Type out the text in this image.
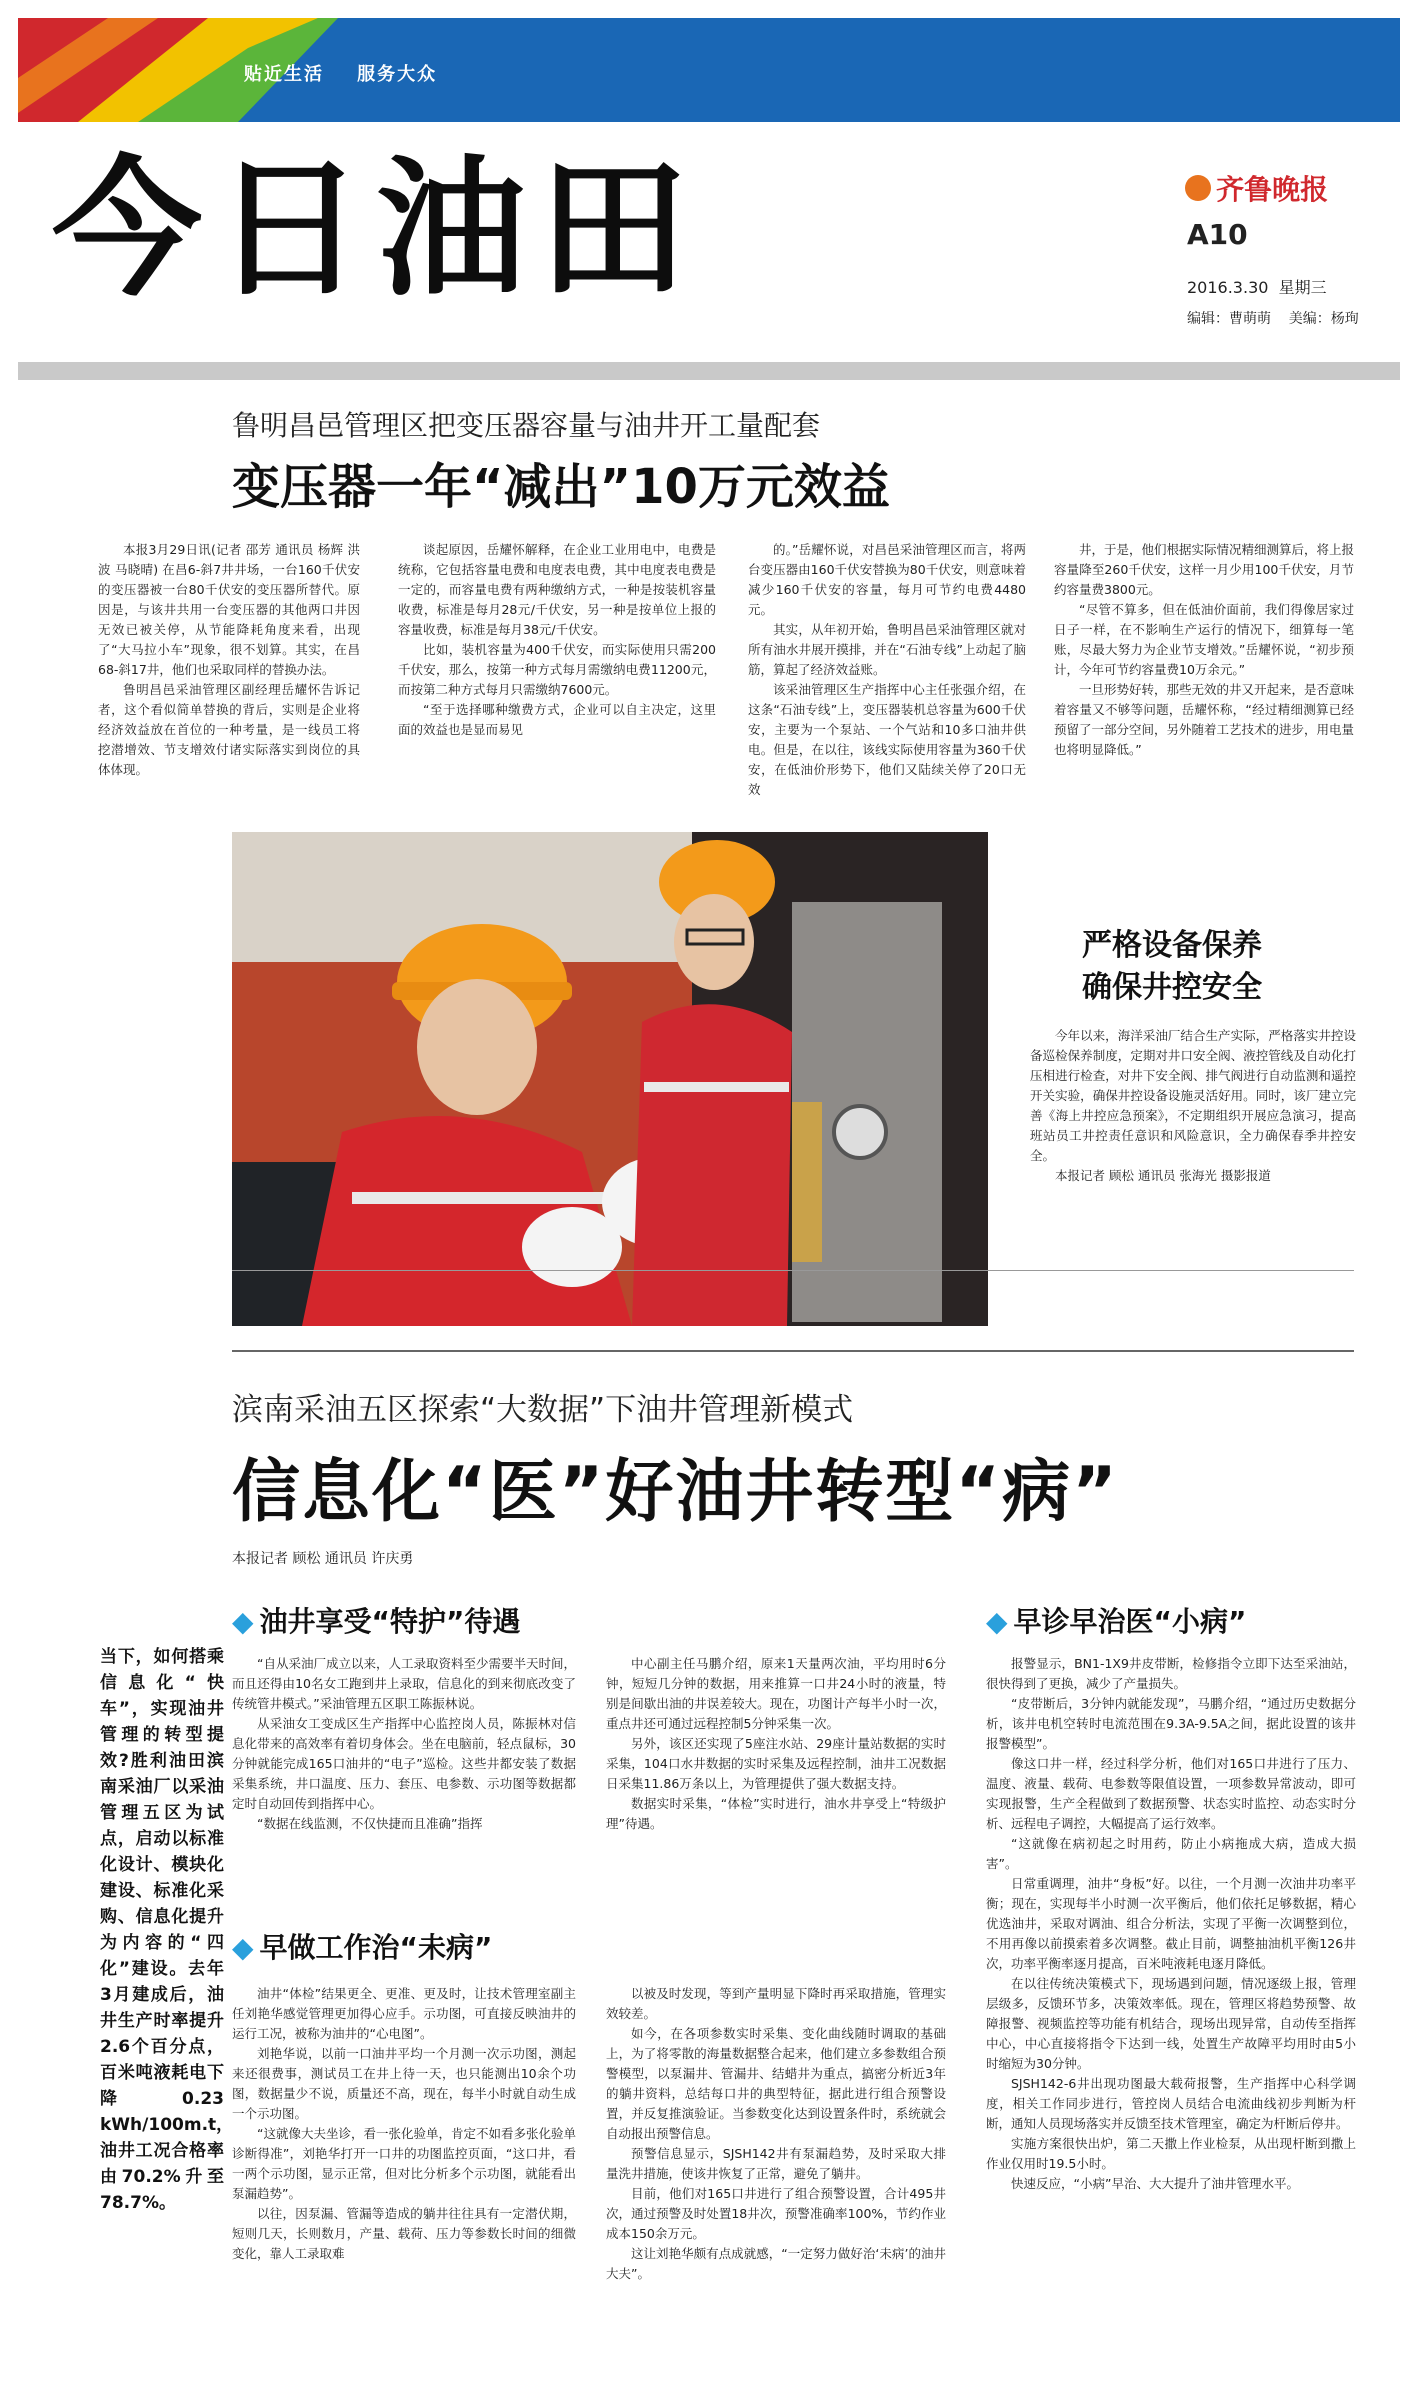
贴近生活    服务大众
今日油田	齐鲁晚报
A10
2016.3.30  星期三
编辑：曹萌萌    美编：杨珣
鲁明昌邑管理区把变压器容量与油井开工量配套
变压器一年“减出”10万元效益

本报3月29日讯(记者 邵芳 通讯员 杨辉 洪波 马晓晴) 在昌6-斜7井井场，一台160千伏安的变压器被一台80千伏安的变压器所替代。原因是，与该井共用一台变压器的其他两口井因无效已被关停，从节能降耗角度来看，出现了“大马拉小车”现象，很不划算。其实，在昌68-斜17井，他们也采取同样的替换办法。

鲁明昌邑采油管理区副经理岳耀怀告诉记者，这个看似简单替换的背后，实则是企业将经济效益放在首位的一种考量，是一线员工将挖潜增效、节支增效付诸实际落实到岗位的具体体现。

谈起原因，岳耀怀解释，在企业工业用电中，电费是统称，它包括容量电费和电度表电费，其中电度表电费是一定的，而容量电费有两种缴纳方式，一种是按装机容量收费，标准是每月28元/千伏安，另一种是按单位上报的容量收费，标准是每月38元/千伏安。

比如，装机容量为400千伏安，而实际使用只需200千伏安，那么，按第一种方式每月需缴纳电费11200元，而按第二种方式每月只需缴纳7600元。

“至于选择哪种缴费方式，企业可以自主决定，这里面的效益也是显而易见

的。”岳耀怀说，对昌邑采油管理区而言，将两台变压器由160千伏安替换为80千伏安，则意味着减少160千伏安的容量，每月可节约电费4480元。

其实，从年初开始，鲁明昌邑采油管理区就对所有油水井展开摸排，并在“石油专线”上动起了脑筋，算起了经济效益账。

该采油管理区生产指挥中心主任张强介绍，在这条“石油专线”上，变压器装机总容量为600千伏安，主要为一个泵站、一个气站和10多口油井供电。但是，在以往，该线实际使用容量为360千伏安，在低油价形势下，他们又陆续关停了20口无效

井，于是，他们根据实际情况精细测算后，将上报容量降至260千伏安，这样一月少用100千伏安，月节约容量费3800元。

“尽管不算多，但在低油价面前，我们得像居家过日子一样，在不影响生产运行的情况下，细算每一笔账，尽最大努力为企业节支增效。”岳耀怀说，“初步预计，今年可节约容量费10万余元。”

一旦形势好转，那些无效的井又开起来，是否意味着容量又不够等问题，岳耀怀称，“经过精细测算已经预留了一部分空间，另外随着工艺技术的进步，用电量也将明显降低。”

严格设备保养
确保井控安全

今年以来，海洋采油厂结合生产实际，严格落实井控设备巡检保养制度，定期对井口安全阀、液控管线及自动化打压相进行检查，对井下安全阀、排气阀进行自动监测和遥控开关实验，确保井控设备设施灵活好用。同时，该厂建立完善《海上井控应急预案》，不定期组织开展应急演习，提高班站员工井控责任意识和风险意识，全力确保春季井控安全。

本报记者 顾松 通讯员 张海光 摄影报道

滨南采油五区探索“大数据”下油井管理新模式
信息化“医”好油井转型“病”
本报记者 顾松 通讯员 许庆勇
当下，如何搭乘信息化“快车”，实现油井管理的转型提效?胜利油田滨南采油厂以采油管理五区为试点，启动以标准化设计、模块化建设、标准化采购、信息化提升为内容的“四化”建设。去年3月建成后，油井生产时率提升2.6个百分点，百米吨液耗电下降0.23 kWh/100m.t，油井工况合格率由70.2%升至78.7%。
◆ 油井享受“特护”待遇

“自从采油厂成立以来，人工录取资料至少需要半天时间，而且还得由10名女工跑到井上录取，信息化的到来彻底改变了传统管井模式。”采油管理五区职工陈振林说。

从采油女工变成区生产指挥中心监控岗人员，陈振林对信息化带来的高效率有着切身体会。坐在电脑前，轻点鼠标，30分钟就能完成165口油井的“电子”巡检。这些井都安装了数据采集系统，井口温度、压力、套压、电参数、示功图等数据都定时自动回传到指挥中心。

“数据在线监测，不仅快捷而且准确”指挥

◆ 早做工作治“未病”

油井“体检”结果更全、更准、更及时，让技术管理室副主任刘艳华感觉管理更加得心应手。示功图，可直接反映油井的运行工况，被称为油井的“心电图”。

刘艳华说，以前一口油井平均一个月测一次示功图，测起来还很费事，测试员工在井上待一天，也只能测出10余个功图，数据量少不说，质量还不高，现在，每半小时就自动生成一个示功图。

“这就像大夫坐诊，看一张化验单，肯定不如看多张化验单诊断得准”，刘艳华打开一口井的功图监控页面，“这口井，看一两个示功图，显示正常，但对比分析多个示功图，就能看出泵漏趋势”。

以往，因泵漏、管漏等造成的躺井往往具有一定潜伏期，短则几天，长则数月，产量、载荷、压力等参数长时间的细微变化，靠人工录取难

中心副主任马鹏介绍，原来1天量两次油，平均用时6分钟，短短几分钟的数据，用来推算一口井24小时的液量，特别是间歇出油的井误差较大。现在，功图计产每半小时一次，重点井还可通过远程控制5分钟采集一次。

另外，该区还实现了5座注水站、29座计量站数据的实时采集，104口水井数据的实时采集及远程控制，油井工况数据日采集11.86万条以上，为管理提供了强大数据支持。

数据实时采集，“体检”实时进行，油水井享受上“特级护理”待遇。

以被及时发现，等到产量明显下降时再采取措施，管理实效较差。

如今，在各项参数实时采集、变化曲线随时调取的基础上，为了将零散的海量数据整合起来，他们建立多参数组合预警模型，以泵漏井、管漏井、结蜡井为重点，搞密分析近3年的躺井资料，总结每口井的典型特征，据此进行组合预警设置，并反复推演验证。当参数变化达到设置条件时，系统就会自动报出预警信息。

预警信息显示，SJSH142井有泵漏趋势，及时采取大排量洗井措施，使该井恢复了正常，避免了躺井。

目前，他们对165口井进行了组合预警设置，合计495井次，通过预警及时处置18井次，预警准确率100%，节约作业成本150余万元。

这让刘艳华颇有点成就感，“一定努力做好治‘未病’的油井大夫”。

◆ 早诊早治医“小病”

报警显示，BN1-1X9井皮带断，检修指令立即下达至采油站，很快得到了更换，减少了产量损失。

“皮带断后，3分钟内就能发现”，马鹏介绍，“通过历史数据分析，该井电机空转时电流范围在9.3A-9.5A之间，据此设置的该井报警模型”。

像这口井一样，经过科学分析，他们对165口井进行了压力、温度、液量、载荷、电参数等限值设置，一项参数异常波动，即可实现报警，生产全程做到了数据预警、状态实时监控、动态实时分析、远程电子调控，大幅提高了运行效率。

“这就像在病初起之时用药，防止小病拖成大病，造成大损害”。

日常重调理，油井“身板”好。以往，一个月测一次油井功率平衡；现在，实现每半小时测一次平衡后，他们依托足够数据，精心优选油井，采取对调油、组合分析法，实现了平衡一次调整到位，不用再像以前摸索着多次调整。截止目前，调整抽油机平衡126井次，功率平衡率逐月提高，百米吨液耗电逐月降低。

在以往传统决策模式下，现场遇到问题，情况逐级上报，管理层级多，反馈环节多，决策效率低。现在，管理区将趋势预警、故障报警、视频监控等功能有机结合，现场出现异常，自动传至指挥中心，中心直接将指令下达到一线，处置生产故障平均用时由5小时缩短为30分钟。

SJSH142-6井出现功图最大载荷报警，生产指挥中心科学调度，相关工作同步进行，管控岗人员结合电流曲线初步判断为杆断，通知人员现场落实并反馈至技术管理室，确定为杆断后停井。

实施方案很快出炉，第二天撒上作业检泵，从出现杆断到撒上作业仅用时19.5小时。

快速反应，“小病”早治、大大提升了油井管理水平。
